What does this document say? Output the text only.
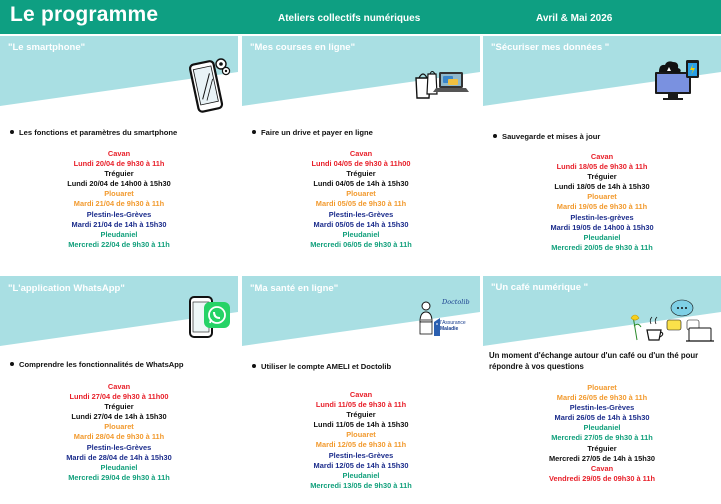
Le programme	Ateliers collectifs numériques	Avril & Mai 2026
"Le smartphone"
Les fonctions et paramètres du smartphone
Cavan
Lundi 20/04 de 9h30 à 11h
Tréguier
Lundi 20/04 de 14h00 à 15h30
Plouaret
Mardi 21/04 de 9h30 à 11h
Plestin-les-Grèves
Mardi 21/04 de 14h à 15h30
Pleudaniel
Mercredi 22/04 de 9h30 à 11h
"Mes courses en ligne"
Faire un drive et payer en ligne
Cavan
Lundi 04/05 de 9h30 à 11h00
Tréguier
Lundi 04/05 de 14h à 15h30
Plouaret
Mardi 05/05 de 9h30 à 11h
Plestin-les-Grèves
Mardi 05/05 de 14h à 15h30
Pleudaniel
Mercredi 06/05 de 9h30 à 11h
"Sécuriser mes données "
Sauvegarde et mises à jour
Cavan
Lundi 18/05 de 9h30 à 11h
Tréguier
Lundi 18/05 de 14h à 15h30
Plouaret
Mardi 19/05 de 9h30 à 11h
Plestin-les-grèves
Mardi 19/05 de 14h00 à 15h30
Pleudaniel
Mercredi 20/05 de 9h30 à 11h
"L'application WhatsApp"
Comprendre les fonctionnalités de WhatsApp
Cavan
Lundi 27/04 de 9h30 à 11h00
Tréguier
Lundi 27/04 de 14h à 15h30
Plouaret
Mardi 28/04 de 9h30 à 11h
Plestin-les-Grèves
Mardi de 28/04 de 14h à 15h30
Pleudaniel
Mercredi 29/04 de 9h30 à 11h
"Ma santé en ligne"
Doctolib
l'Assurance
Maladie
Utiliser le compte AMELI et Doctolib
Cavan
Lundi 11/05 de 9h30 à 11h
Tréguier
Lundi 11/05 de 14h à 15h30
Plouaret
Mardi 12/05 de 9h30 à 11h
Plestin-les-Grèves
Mardi 12/05 de 14h à 15h30
Pleudaniel
Mercredi 13/05 de 9h30 à 11h
"Un café numérique "
Un moment d'échange autour d'un café ou d'un thé pour répondre à vos questions
Plouaret
Mardi 26/05 de 9h30 à 11h
Plestin-les-Grèves
Mardi 26/05 de 14h à 15h30
Pleudaniel
Mercredi 27/05 de 9h30 à 11h
Tréguier
Mercredi 27/05 de 14h à 15h30
Cavan
Vendredi 29/05 de 09h30 à 11h
